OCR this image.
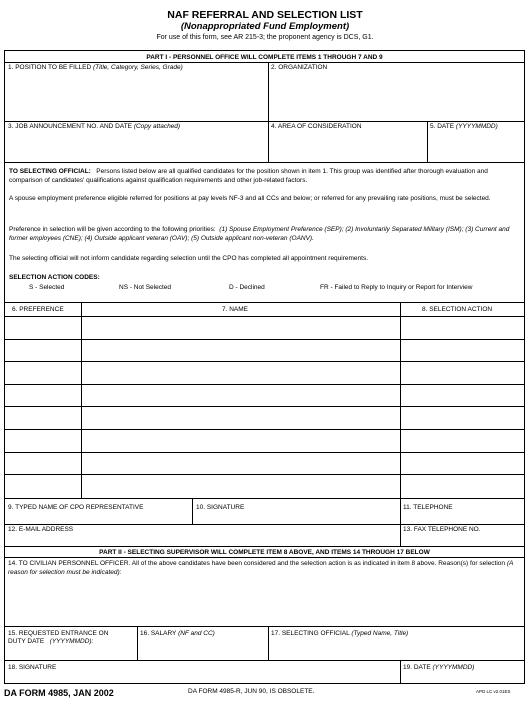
NAF REFERRAL AND SELECTION LIST
(Nonappropriated Fund Employment)
For use of this form, see AR 215-3; the proponent agency is DCS, G1.
PART I - PERSONNEL OFFICE WILL COMPLETE ITEMS 1 THROUGH 7 AND 9
1. POSITION TO BE FILLED (Title, Category, Series, Grade)	2. ORGANIZATION
3. JOB ANNOUNCEMENT NO. AND DATE (Copy attached)	4. AREA OF CONSIDERATION	5. DATE (YYYYMMDD)
TO SELECTING OFFICIAL: Persons listed below are all qualified candidates for the position shown in item 1. This group was identified after thorough evaluation and comparison of candidates' qualifications against qualification requirements and other job-related factors.
A spouse employment preference eligible referred for positions at pay levels NF-3 and all CCs and below; or referred for any prevailing rate positions, must be selected.
Preference in selection will be given according to the following priorities: (1) Spouse Employment Preference (SEP); (2) Involuntarily Separated Military (ISM); (3) Current and former employees (CNE); (4) Outside applicant veteran (OAV); (5) Outside applicant non-veteran (OANV).
The selecting official will not inform candidate regarding selection until the CPO has completed all appointment requirements.
SELECTION ACTION CODES:
S - Selected	NS - Not Selected	D - Declined	FR - Failed to Reply to Inquiry or Report for Interview
6. PREFERENCE	7. NAME	8. SELECTION ACTION
9. TYPED NAME OF CPO REPRESENTATIVE	10. SIGNATURE	11. TELEPHONE
12. E-MAIL ADDRESS	13. FAX TELEPHONE NO.
PART II - SELECTING SUPERVISOR WILL COMPLETE ITEM 8 ABOVE, AND ITEMS 14 THROUGH 17 BELOW
14. TO CIVILIAN PERSONNEL OFFICER. All of the above candidates have been considered and the selection action is as indicated in item 8 above. Reason(s) for selection (A reason for selection must be indicated):
15. REQUESTED ENTRANCE ON
DUTY DATE (YYYYMMDD):
16. SALARY (NF and CC)	17. SELECTING OFFICIAL (Typed Name, Title)
18. SIGNATURE	19. DATE (YYYYMMDD)
DA FORM 4985, JAN 2002	DA FORM 4985-R, JUN 90, IS OBSOLETE.	APD LC v2.01ES
